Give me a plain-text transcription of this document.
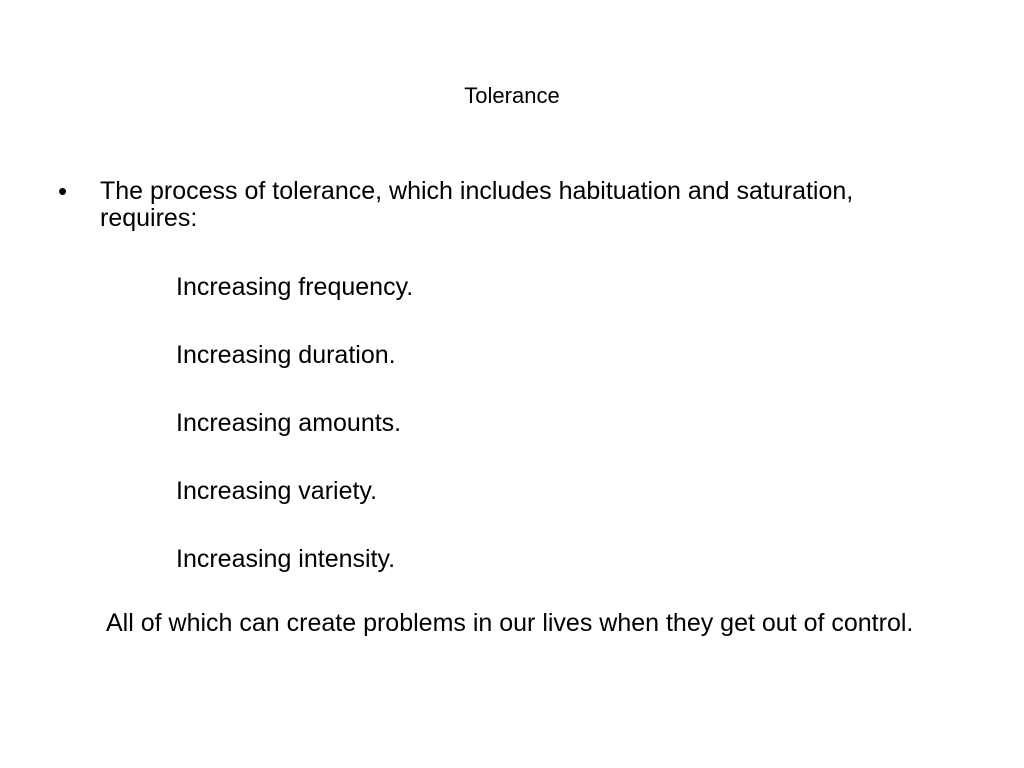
Tolerance
• The process of tolerance, which includes habituation and saturation, requires:
Increasing frequency.
Increasing duration.
Increasing amounts.
Increasing variety.
Increasing intensity.
All of which can create problems in our lives when they get out of control.
